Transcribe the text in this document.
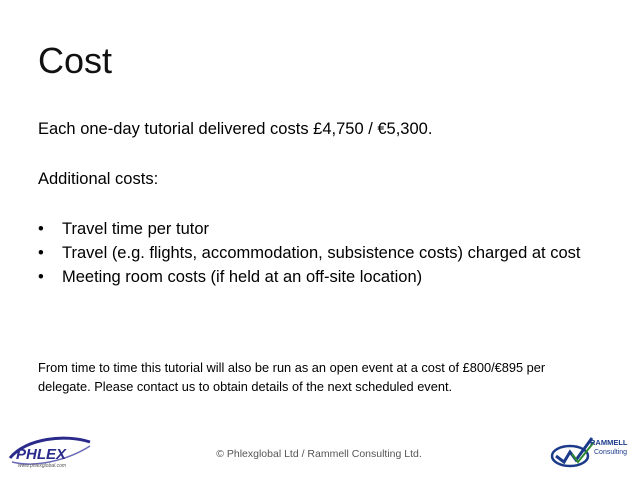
Cost
Each one-day tutorial delivered costs £4,750 / €5,300.
Additional costs:
• Travel time per tutor
• Travel (e.g. flights, accommodation, subsistence costs) charged at cost
• Meeting room costs (if held at an off-site location)
From time to time this tutorial will also be run as an open event at a cost of £800/€895 per delegate. Please contact us to obtain details of the next scheduled event.
PHLEX
www.phlexglobal.com
© Phlexglobal Ltd / Rammell Consulting Ltd.
RAMMELL
Consulting
